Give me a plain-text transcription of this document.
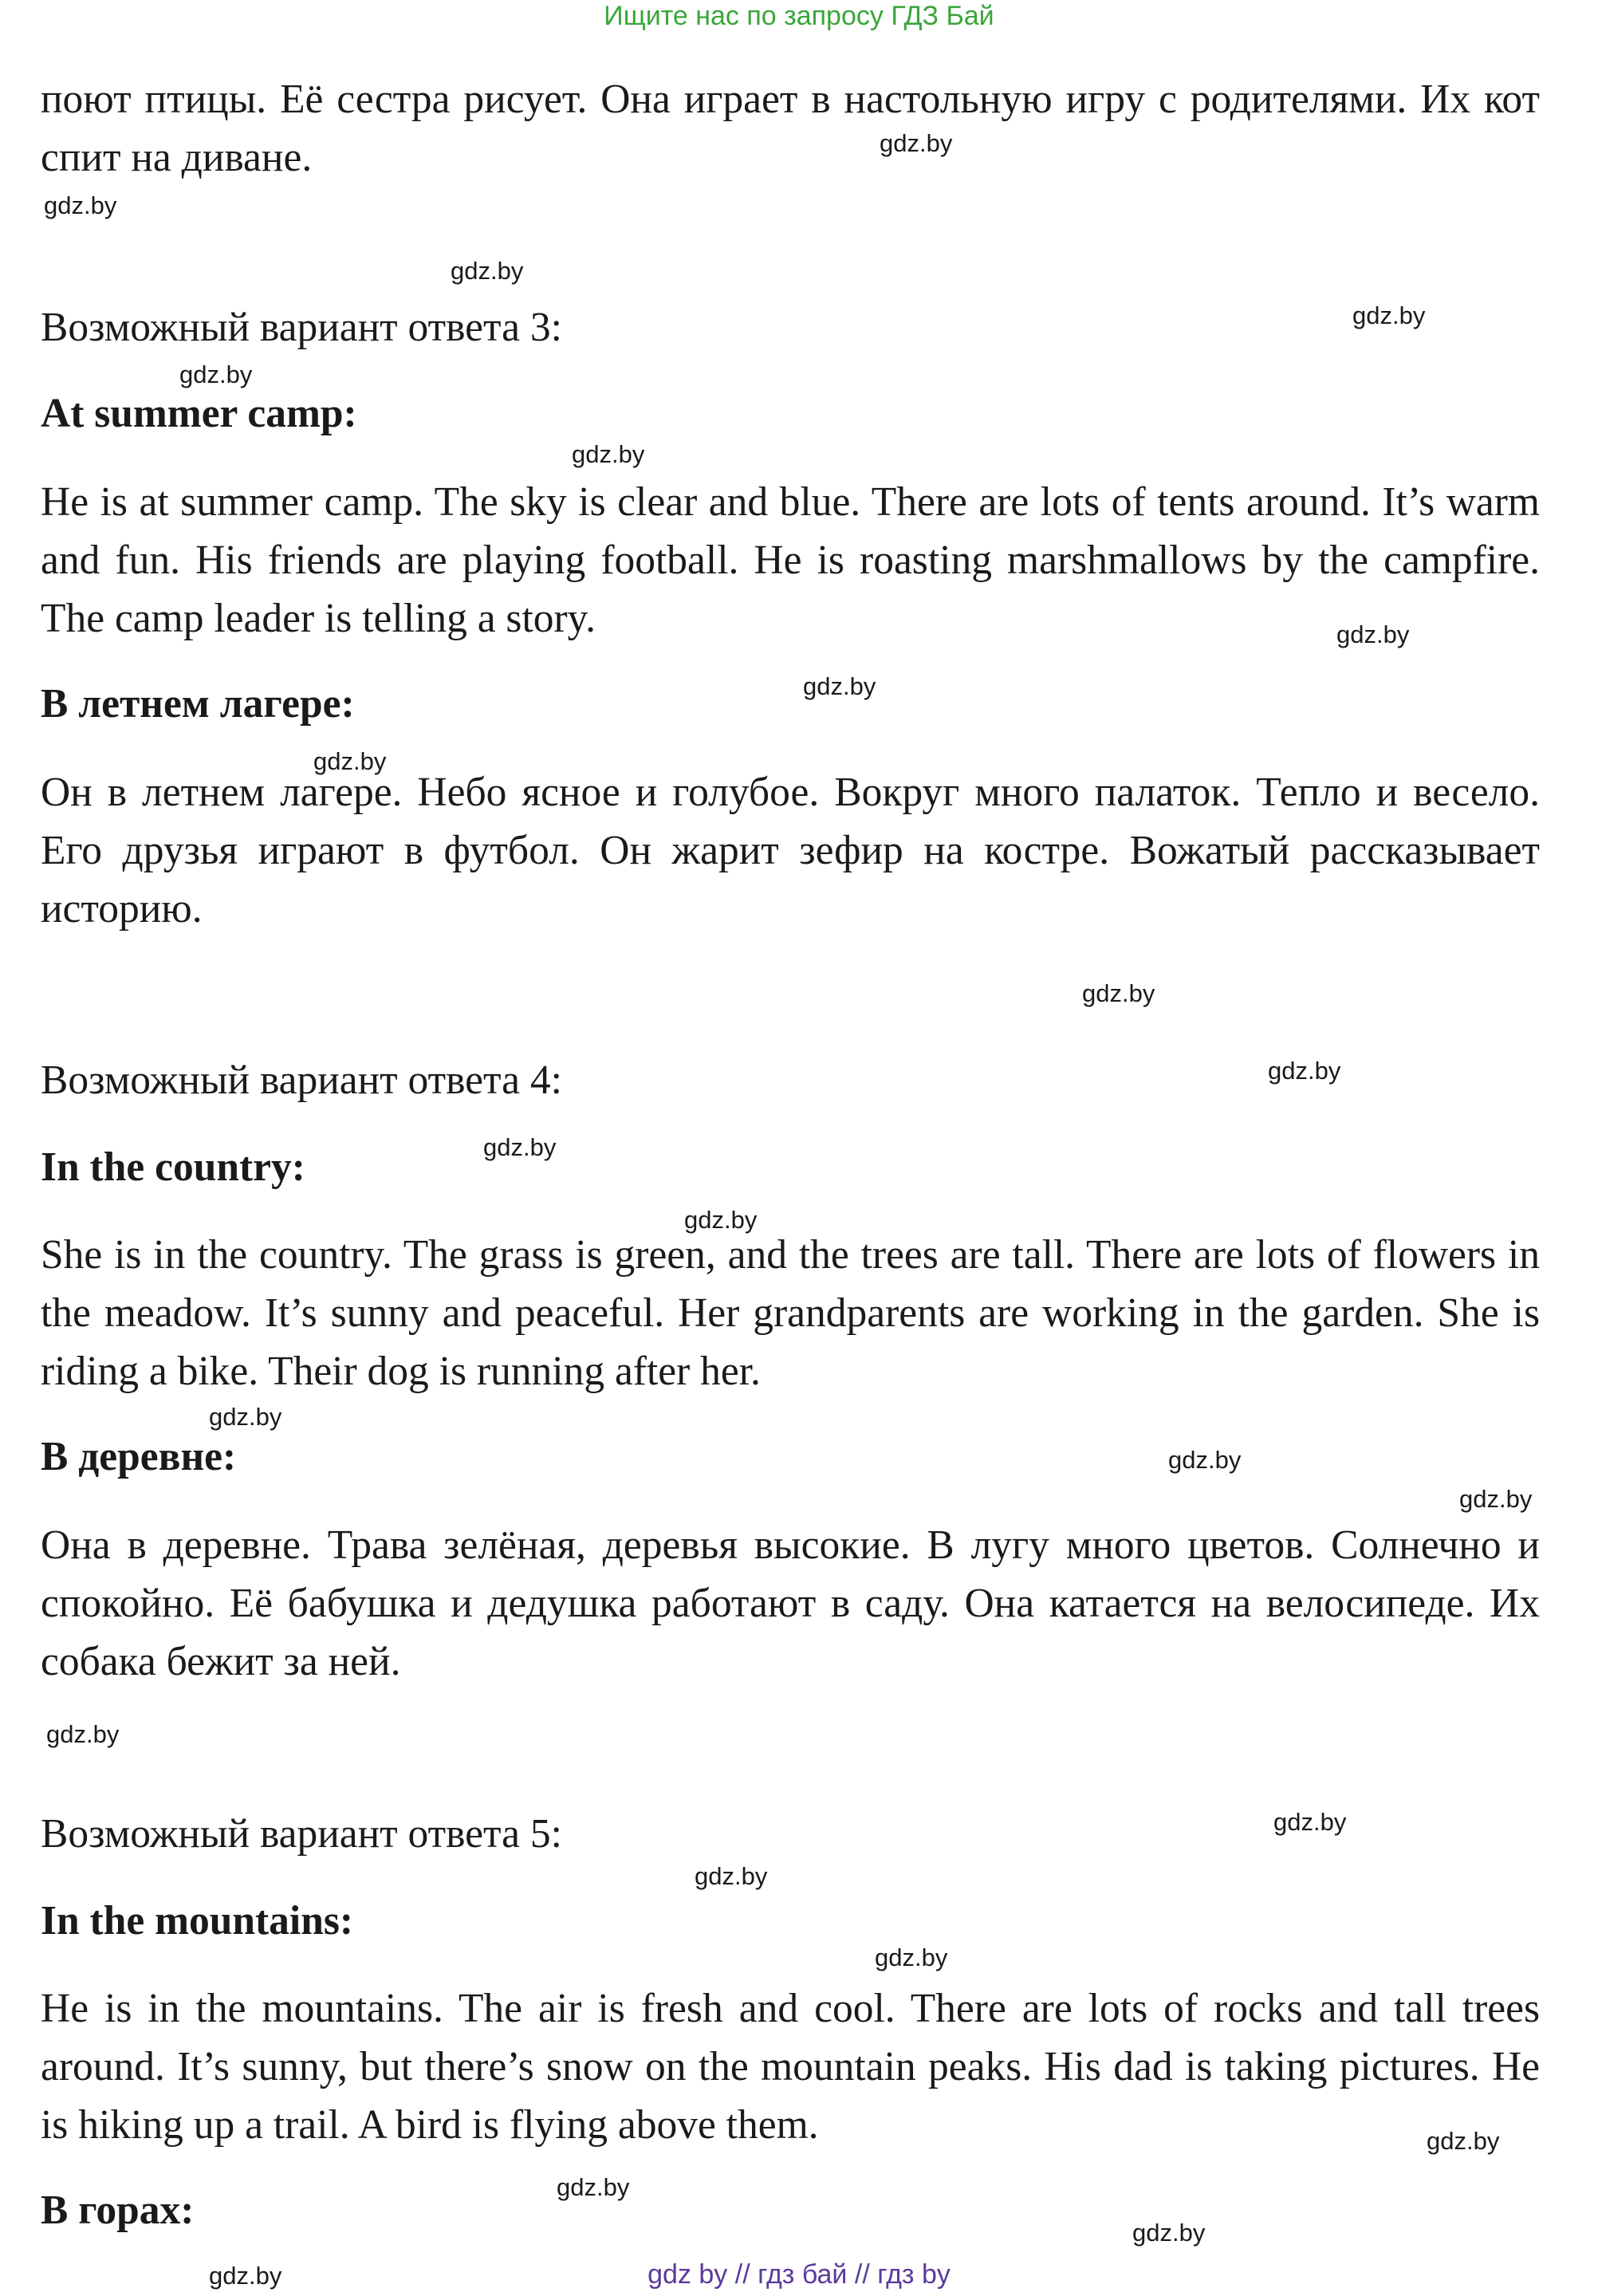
Ищите нас по запросу ГДЗ Бай

поют птицы. Её сестра рисует. Она играет в настольную игру с родителями. Их кот спит на диване.

Возможный вариант ответа 3:
At summer camp:

He is at summer camp. The sky is clear and blue. There are lots of tents around. It’s warm and fun. His friends are playing football. He is roasting marshmallows by the campfire. The camp leader is telling a story.

В летнем лагере:

Он в летнем лагере. Небо ясное и голубое. Вокруг много палаток. Тепло и весело. Его друзья играют в футбол. Он жарит зефир на костре. Вожатый рассказывает историю.

Возможный вариант ответа 4:
In the country:

She is in the country. The grass is green, and the trees are tall. There are lots of flowers in the meadow. It’s sunny and peaceful. Her grandparents are working in the garden. She is riding a bike. Their dog is running after her.

В деревне:

Она в деревне. Трава зелёная, деревья высокие. В лугу много цветов. Солнечно и спокойно. Её бабушка и дедушка работают в саду. Она катается на велосипеде. Их собака бежит за ней.

Возможный вариант ответа 5:
In the mountains:

He is in the mountains. The air is fresh and cool. There are lots of rocks and tall trees around. It’s sunny, but there’s snow on the mountain peaks. His dad is taking pictures. He is hiking up a trail. A bird is flying above them.

В горах:
gdz.by
gdz.by
gdz.by
gdz.by
gdz.by
gdz.by
gdz.by
gdz.by
gdz.by
gdz.by
gdz.by
gdz.by
gdz.by
gdz.by
gdz.by
gdz.by
gdz.by
gdz.by
gdz.by
gdz.by
gdz.by
gdz.by
gdz.by
gdz.by	gdz by // гдз бай // гдз by
